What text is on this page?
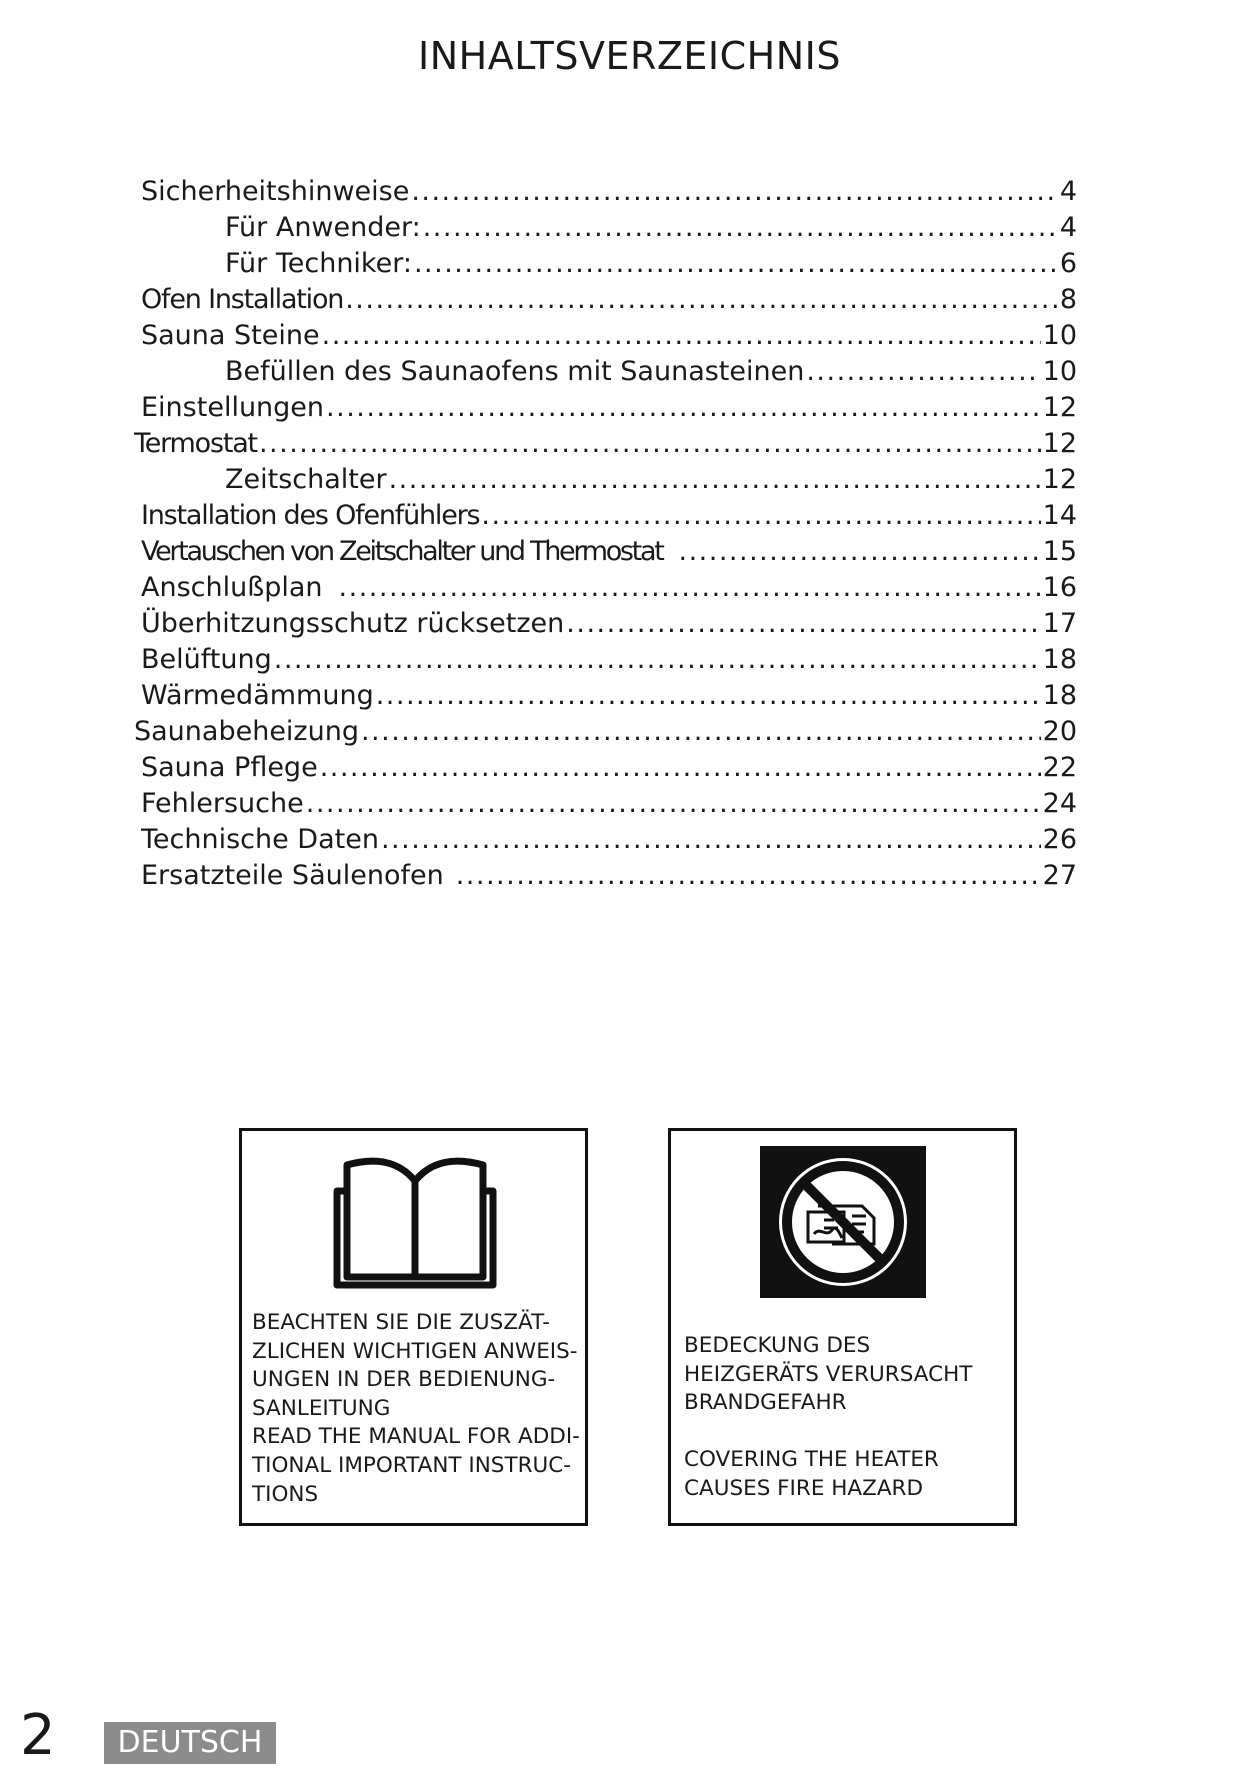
INHALTSVERZEICHNIS
Sicherheitshinweise .....	4
Für Anwender: .....	4
Für Techniker: .....	6
Ofen Installation .....	8
Sauna Steine .....	10
Befüllen des Saunaofens mit Saunasteinen .....	10
Einstellungen .....	12
Termostat .....	12
Zeitschalter .....	12
Installation des Ofenfühlers .....	14
Vertauschen von Zeitschalter und Thermostat .....	15
Anschlußplan .....	16
Überhitzungsschutz rücksetzen .....	17
Belüftung .....	18
Wärmedämmung .....	18
Saunabeheizung .....	20
Sauna Pflege .....	22
Fehlersuche .....	24
Technische Daten .....	26
Ersatzteile Säulenofen .....	27
BEACHTEN SIE DIE ZUSZÄT-
ZLICHEN WICHTIGEN ANWEIS-
UNGEN IN DER BEDIENUNG-
SANLEITUNG
READ THE MANUAL FOR ADDI-
TIONAL IMPORTANT INSTRUC-
TIONS
BEDECKUNG DES
HEIZGERÄTS VERURSACHT
BRANDGEFAHR

COVERING THE HEATER
CAUSES FIRE HAZARD
2	DEUTSCH
